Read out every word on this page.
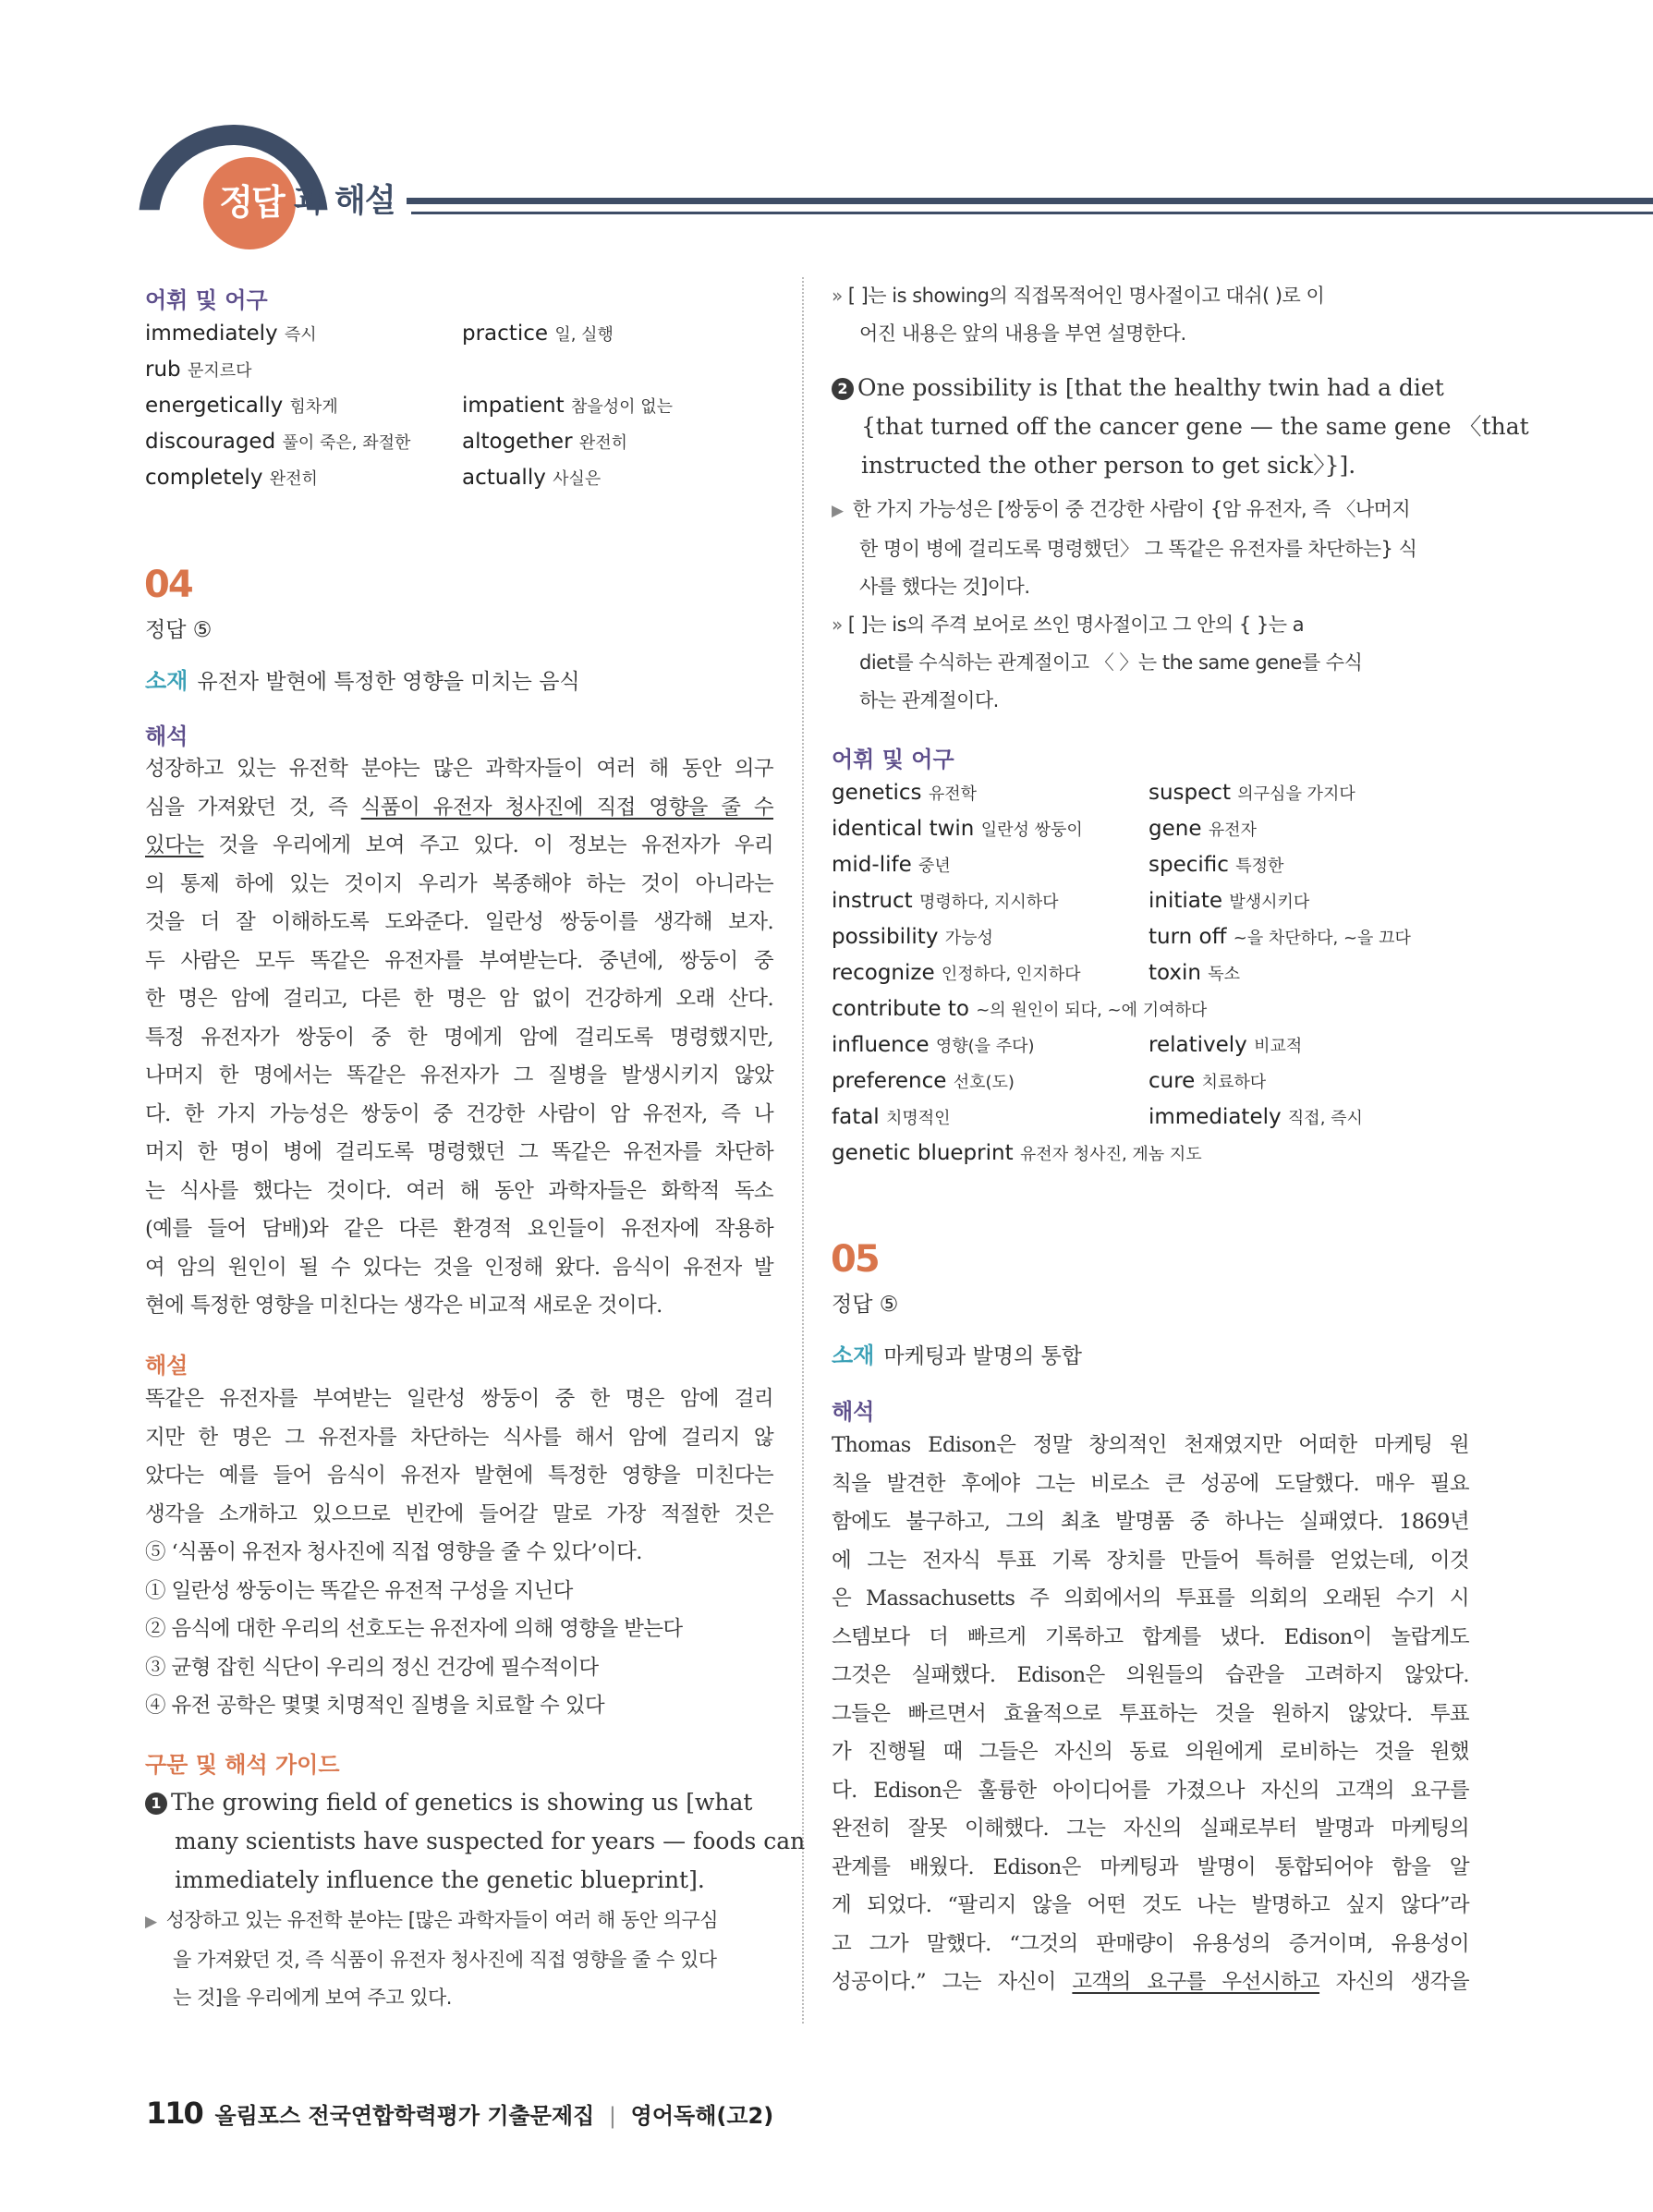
정답 과 해설
어휘 및 어구
immediately 즉시	practice 일, 실행
rub 문지르다
energetically 힘차게	impatient 참을성이 없는
discouraged 풀이 죽은, 좌절한 altogether 완전히
completely 완전히	actually 사실은
04
정답 ⑤
소재 유전자 발현에 특정한 영향을 미치는 음식
해석
성장하고 있는 유전학 분야는 많은 과학자들이 여러 해 동안 의구
심을 가져왔던 것, 즉 식품이 유전자 청사진에 직접 영향을 줄 수
있다는 것을 우리에게 보여 주고 있다. 이 정보는 유전자가 우리
의 통제 하에 있는 것이지 우리가 복종해야 하는 것이 아니라는
것을 더 잘 이해하도록 도와준다. 일란성 쌍둥이를 생각해 보자.
두 사람은 모두 똑같은 유전자를 부여받는다. 중년에, 쌍둥이 중
한 명은 암에 걸리고, 다른 한 명은 암 없이 건강하게 오래 산다.
특정 유전자가 쌍둥이 중 한 명에게 암에 걸리도록 명령했지만,
나머지 한 명에서는 똑같은 유전자가 그 질병을 발생시키지 않았
다. 한 가지 가능성은 쌍둥이 중 건강한 사람이 암 유전자, 즉 나
머지 한 명이 병에 걸리도록 명령했던 그 똑같은 유전자를 차단하
는 식사를 했다는 것이다. 여러 해 동안 과학자들은 화학적 독소
(예를 들어 담배)와 같은 다른 환경적 요인들이 유전자에 작용하
여 암의 원인이 될 수 있다는 것을 인정해 왔다. 음식이 유전자 발
현에 특정한 영향을 미친다는 생각은 비교적 새로운 것이다.
해설
똑같은 유전자를 부여받는 일란성 쌍둥이 중 한 명은 암에 걸리
지만 한 명은 그 유전자를 차단하는 식사를 해서 암에 걸리지 않
았다는 예를 들어 음식이 유전자 발현에 특정한 영향을 미친다는
생각을 소개하고 있으므로 빈칸에 들어갈 말로 가장 적절한 것은
⑤ ‘식품이 유전자 청사진에 직접 영향을 줄 수 있다’이다.
① 일란성 쌍둥이는 똑같은 유전적 구성을 지닌다
② 음식에 대한 우리의 선호도는 유전자에 의해 영향을 받는다
③ 균형 잡힌 식단이 우리의 정신 건강에 필수적이다
④ 유전 공학은 몇몇 치명적인 질병을 치료할 수 있다
구문 및 해석 가이드
1 The growing field of genetics is showing us [what
many scientists have suspected for years — foods can
immediately influence the genetic blueprint].
▶ 성장하고 있는 유전학 분야는 [많은 과학자들이 여러 해 동안 의구심
을 가져왔던 것, 즉 식품이 유전자 청사진에 직접 영향을 줄 수 있다
는 것]을 우리에게 보여 주고 있다.
» [ ]는 is showing의 직접목적어인 명사절이고 대쉬( )로 이
어진 내용은 앞의 내용을 부연 설명한다.
2 One possibility is [that the healthy twin had a diet
{that turned off the cancer gene — the same gene 〈that
instructed the other person to get sick〉}].
▶ 한 가지 가능성은 [쌍둥이 중 건강한 사람이 {암 유전자, 즉 〈나머지
한 명이 병에 걸리도록 명령했던〉 그 똑같은 유전자를 차단하는} 식
사를 했다는 것]이다.
» [ ]는 is의 주격 보어로 쓰인 명사절이고 그 안의 { }는 a
diet를 수식하는 관계절이고 〈 〉는 the same gene를 수식
하는 관계절이다.
어휘 및 어구
genetics 유전학	suspect 의구심을 가지다
identical twin 일란성 쌍둥이	gene 유전자
mid-life 중년	specific 특정한
instruct 명령하다, 지시하다	initiate 발생시키다
possibility 가능성	turn off ~을 차단하다, ~을 끄다
recognize 인정하다, 인지하다	toxin 독소
contribute to ~의 원인이 되다, ~에 기여하다
influence 영향(을 주다)	relatively 비교적
preference 선호(도)	cure 치료하다
fatal 치명적인	immediately 직접, 즉시
genetic blueprint 유전자 청사진, 게놈 지도
05
정답 ⑤
소재 마케팅과 발명의 통합
해석
Thomas Edison은 정말 창의적인 천재였지만 어떠한 마케팅 원
칙을 발견한 후에야 그는 비로소 큰 성공에 도달했다. 매우 필요
함에도 불구하고, 그의 최초 발명품 중 하나는 실패였다. 1869년
에 그는 전자식 투표 기록 장치를 만들어 특허를 얻었는데, 이것
은 Massachusetts 주 의회에서의 투표를 의회의 오래된 수기 시
스템보다 더 빠르게 기록하고 합계를 냈다. Edison이 놀랍게도
그것은 실패했다. Edison은 의원들의 습관을 고려하지 않았다.
그들은 빠르면서 효율적으로 투표하는 것을 원하지 않았다. 투표
가 진행될 때 그들은 자신의 동료 의원에게 로비하는 것을 원했
다. Edison은 훌륭한 아이디어를 가졌으나 자신의 고객의 요구를
완전히 잘못 이해했다. 그는 자신의 실패로부터 발명과 마케팅의
관계를 배웠다. Edison은 마케팅과 발명이 통합되어야 함을 알
게 되었다. “팔리지 않을 어떤 것도 나는 발명하고 싶지 않다”라
고 그가 말했다. “그것의 판매량이 유용성의 증거이며, 유용성이
성공이다.” 그는 자신이 고객의 요구를 우선시하고 자신의 생각을
110 올림포스 전국연합학력평가 기출문제집 | 영어독해(고2)
